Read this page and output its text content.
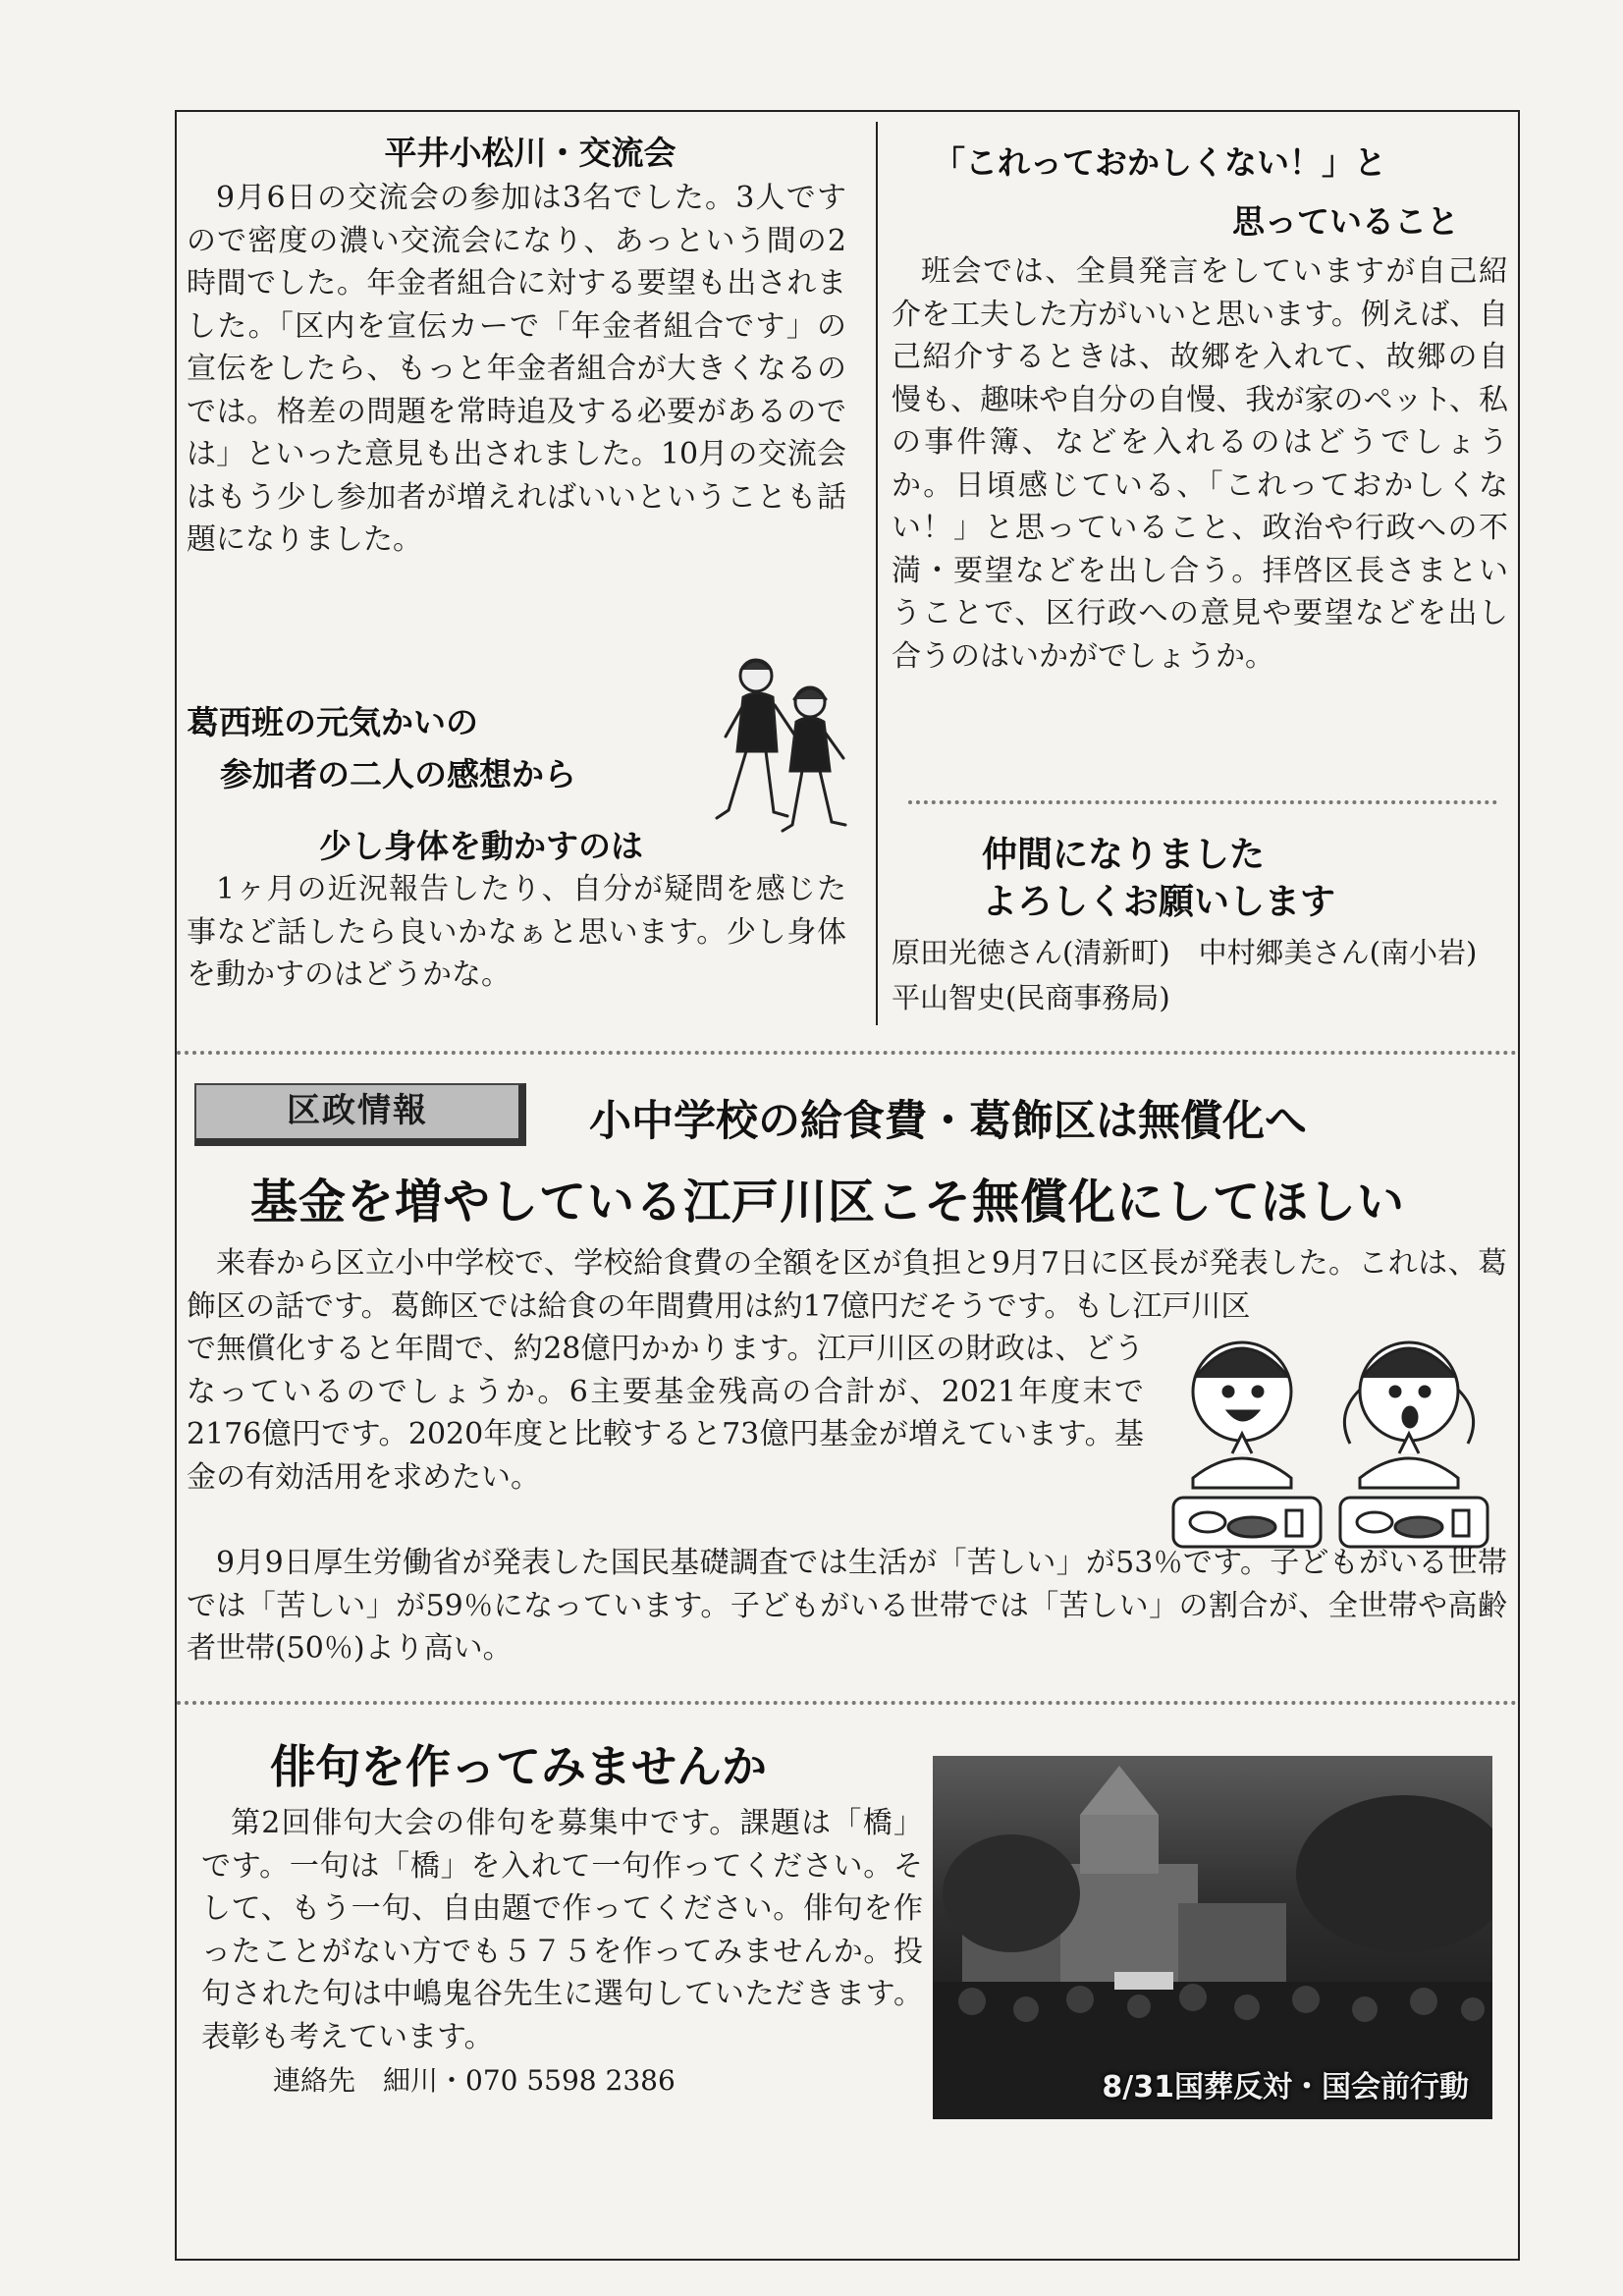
平井小松川・交流会

9月6日の交流会の参加は3名でした。3人ですので密度の濃い交流会になり、あっという間の2時間でした。年金者組合に対する要望も出されました。「区内を宣伝カーで「年金者組合です」の宣伝をしたら、もっと年金者組合が大きくなるのでは。格差の問題を常時追及する必要があるのでは」といった意見も出されました。10月の交流会はもう少し参加者が増えればいいということも話題になりました。

葛西班の元気かいの
参加者の二人の感想から
少し身体を動かすのは

1ヶ月の近況報告したり、自分が疑問を感じた事など話したら良いかなぁと思います。少し身体を動かすのはどうかな。

「これっておかしくない！」と
思っていること

班会では、全員発言をしていますが自己紹介を工夫した方がいいと思います。例えば、自己紹介するときは、故郷を入れて、故郷の自慢も、趣味や自分の自慢、我が家のペット、私の事件簿、などを入れるのはどうでしょうか。日頃感じている、「これっておかしくない！」と思っていること、政治や行政への不満・要望などを出し合う。拝啓区長さまということで、区行政への意見や要望などを出し合うのはいかがでしょうか。

仲間になりました
よろしくお願いします
原田光徳さん(清新町)　中村郷美さん(南小岩)
平山智史(民商事務局)
区政情報	小中学校の給食費・葛飾区は無償化へ
基金を増やしている江戸川区こそ無償化にしてほしい

来春から区立小中学校で、学校給食費の全額を区が負担と9月7日に区長が発表した。これは、葛飾区の話です。葛飾区では給食の年間費用は約17億円だそうです。もし江戸川区

で無償化すると年間で、約28億円かかります。江戸川区の財政は、どうなっているのでしょうか。6主要基金残高の合計が、2021年度末で2176億円です。2020年度と比較すると73億円基金が増えています。基金の有効活用を求めたい。

9月9日厚生労働省が発表した国民基礎調査では生活が「苦しい」が53％です。子どもがいる世帯では「苦しい」が59％になっています。子どもがいる世帯では「苦しい」の割合が、全世帯や高齢者世帯(50％)より高い。

俳句を作ってみませんか

第2回俳句大会の俳句を募集中です。課題は「橋」です。一句は「橋」を入れて一句作ってください。そして、もう一句、自由題で作ってください。俳句を作ったことがない方でも５７５を作ってみませんか。投句された句は中嶋鬼谷先生に選句していただきます。表彰も考えています。

連絡先　細川・070 5598 2386	8/31国葬反対・国会前行動
